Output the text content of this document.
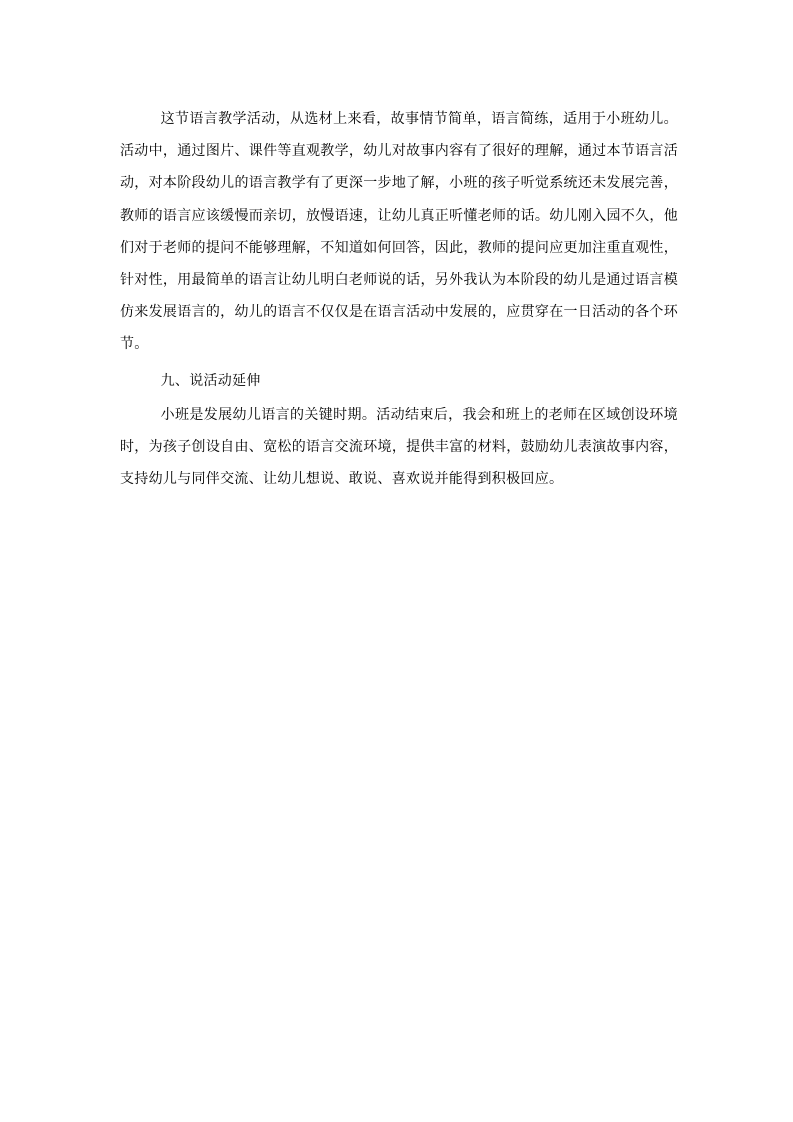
这节语言教学活动，从选材上来看，故事情节简单，语言简练，适用于小班幼儿。活动中，通过图片、课件等直观教学，幼儿对故事内容有了很好的理解，通过本节语言活动，对本阶段幼儿的语言教学有了更深一步地了解，小班的孩子听觉系统还未发展完善，教师的语言应该缓慢而亲切，放慢语速，让幼儿真正听懂老师的话。幼儿刚入园不久，他们对于老师的提问不能够理解，不知道如何回答，因此，教师的提问应更加注重直观性，针对性，用最简单的语言让幼儿明白老师说的话，另外我认为本阶段的幼儿是通过语言模仿来发展语言的，幼儿的语言不仅仅是在语言活动中发展的，应贯穿在一日活动的各个环节。

九、说活动延伸

小班是发展幼儿语言的关键时期。活动结束后，我会和班上的老师在区域创设环境时，为孩子创设自由、宽松的语言交流环境，提供丰富的材料，鼓励幼儿表演故事内容，支持幼儿与同伴交流、让幼儿想说、敢说、喜欢说并能得到积极回应。
